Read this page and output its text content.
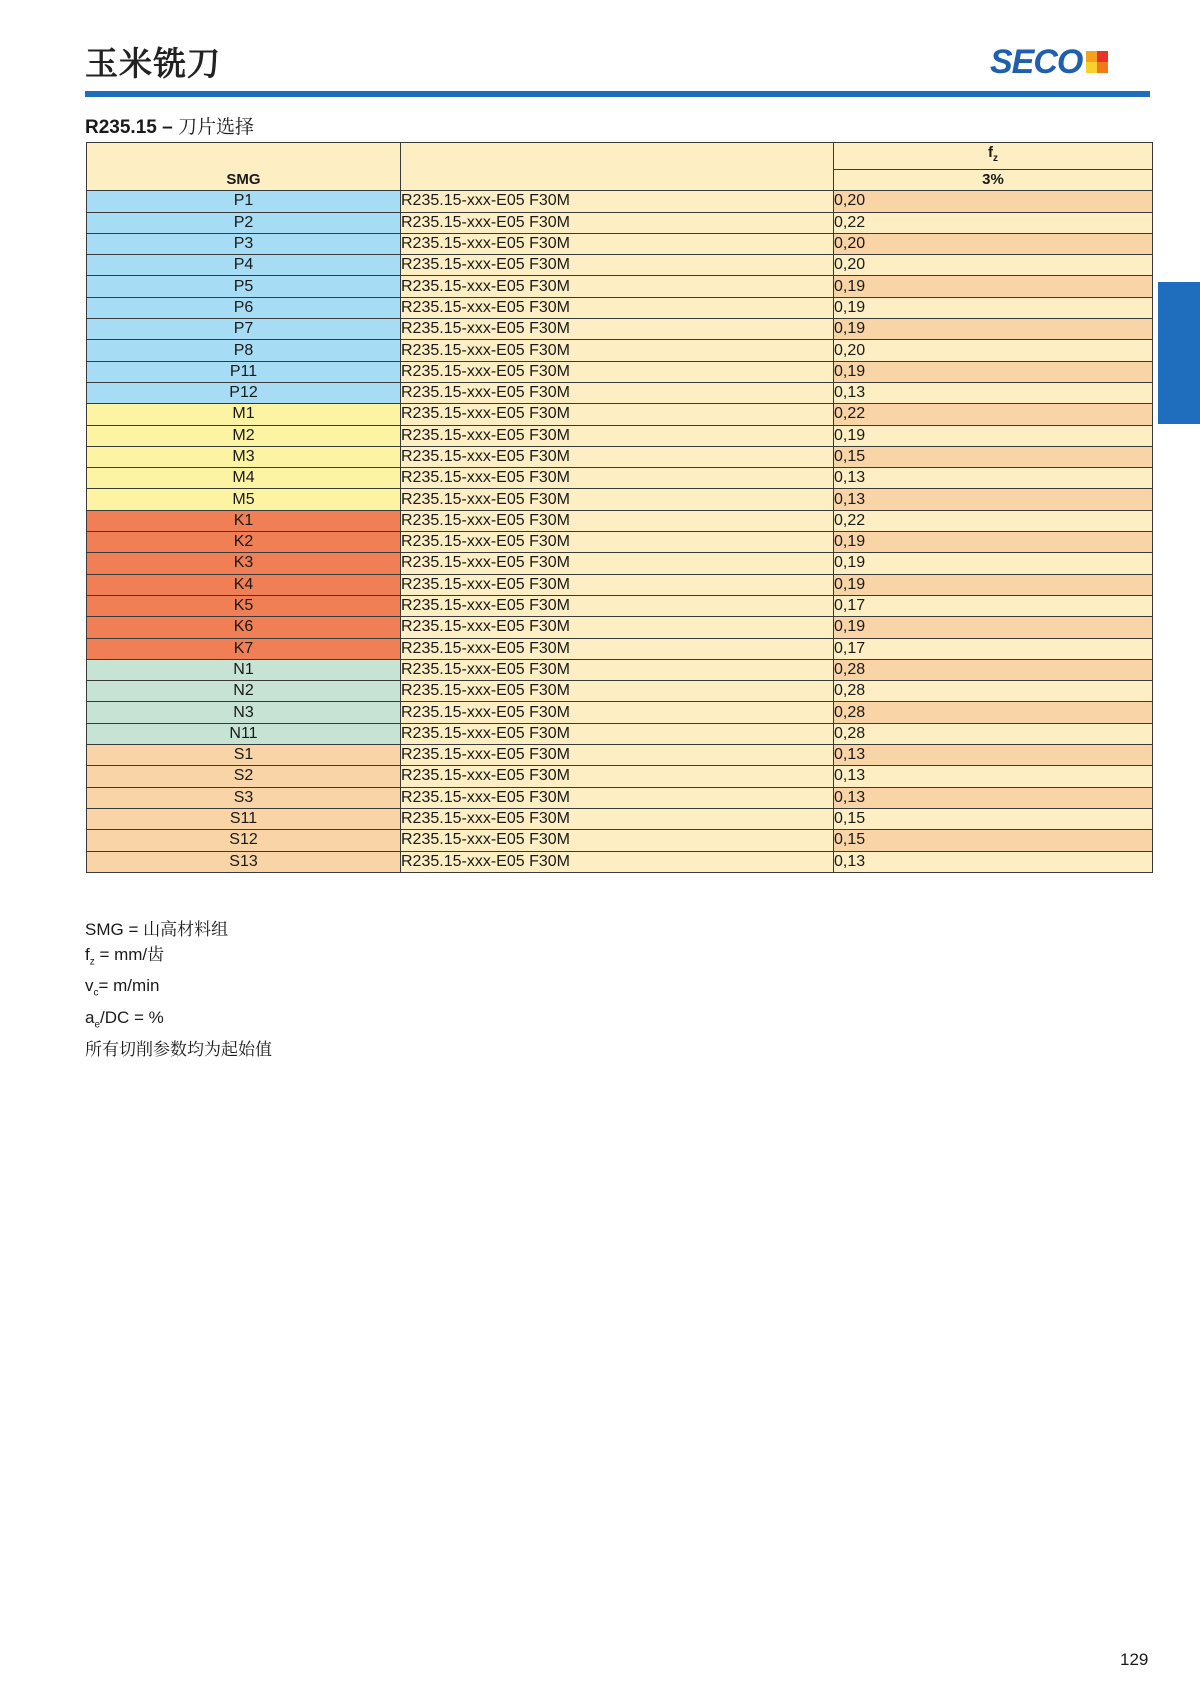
玉米铣刀	SECO
R235.15 – 刀片选择
SMG		$f_z$
		3%
P1	R235.15-xxx-E05 F30M	0,20
P2	R235.15-xxx-E05 F30M	0,22
P3	R235.15-xxx-E05 F30M	0,20
P4	R235.15-xxx-E05 F30M	0,20
P5	R235.15-xxx-E05 F30M	0,19
P6	R235.15-xxx-E05 F30M	0,19
P7	R235.15-xxx-E05 F30M	0,19
P8	R235.15-xxx-E05 F30M	0,20
P11	R235.15-xxx-E05 F30M	0,19
P12	R235.15-xxx-E05 F30M	0,13
M1	R235.15-xxx-E05 F30M	0,22
M2	R235.15-xxx-E05 F30M	0,19
M3	R235.15-xxx-E05 F30M	0,15
M4	R235.15-xxx-E05 F30M	0,13
M5	R235.15-xxx-E05 F30M	0,13
K1	R235.15-xxx-E05 F30M	0,22
K2	R235.15-xxx-E05 F30M	0,19
K3	R235.15-xxx-E05 F30M	0,19
K4	R235.15-xxx-E05 F30M	0,19
K5	R235.15-xxx-E05 F30M	0,17
K6	R235.15-xxx-E05 F30M	0,19
K7	R235.15-xxx-E05 F30M	0,17
N1	R235.15-xxx-E05 F30M	0,28
N2	R235.15-xxx-E05 F30M	0,28
N3	R235.15-xxx-E05 F30M	0,28
N11	R235.15-xxx-E05 F30M	0,28
S1	R235.15-xxx-E05 F30M	0,13
S2	R235.15-xxx-E05 F30M	0,13
S3	R235.15-xxx-E05 F30M	0,13
S11	R235.15-xxx-E05 F30M	0,15
S12	R235.15-xxx-E05 F30M	0,15
S13	R235.15-xxx-E05 F30M	0,13
SMG = 山高材料组
$f_z = mm/$齿
$v_c= m/\min$
$a_e/DC$ = %
所有切削参数均为起始值
129
